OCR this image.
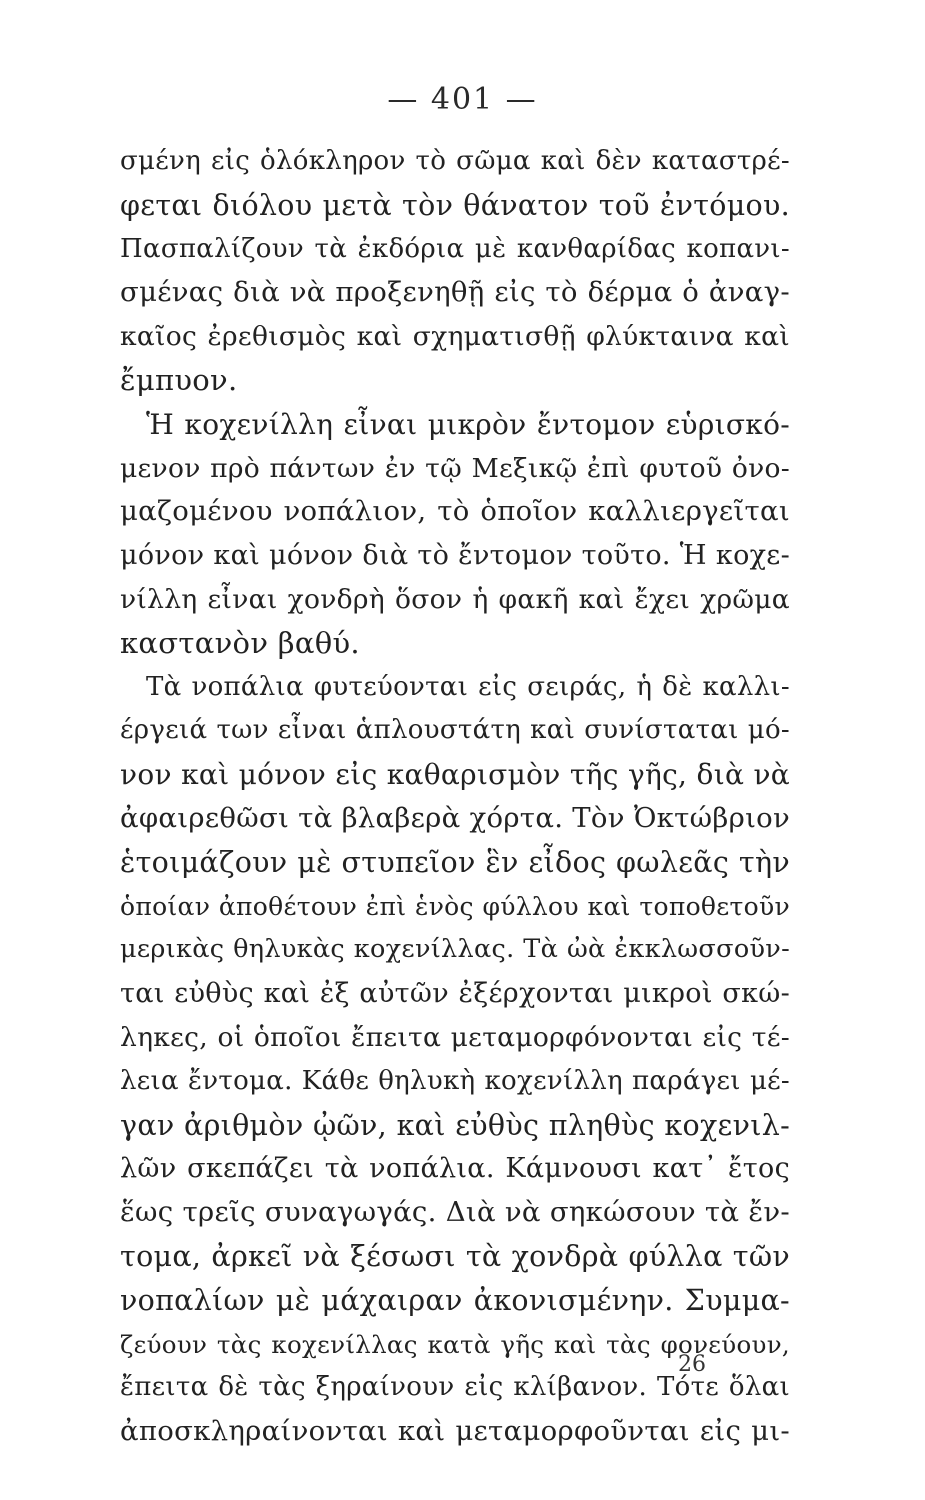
— 401 —
σμένη εἰς ὁλόκληρον τὸ σῶμα καὶ δὲν καταστρέ-
φεται διόλου μετὰ τὸν θάνατον τοῦ ἐντόμου.
Πασπαλίζουν τὰ ἐκδόρια μὲ κανθαρίδας κοπανι-
σμένας διὰ νὰ προξενηθῇ εἰς τὸ δέρμα ὁ ἀναγ-
καῖος ἐρεθισμὸς καὶ σχηματισθῇ φλύκταινα καὶ
ἔμπυον.
Ἡ κοχενίλλη εἶναι μικρὸν ἔντομον εὑρισκό-
μενον πρὸ πάντων ἐν τῷ Μεξικῷ ἐπὶ φυτοῦ ὀνο-
μαζομένου νοπάλιον, τὸ ὁποῖον καλλιεργεῖται
μόνον καὶ μόνον διὰ τὸ ἔντομον τοῦτο. Ἡ κοχε-
νίλλη εἶναι χονδρὴ ὅσον ἡ φακῆ καὶ ἔχει χρῶμα
καστανὸν βαθύ.
Τὰ νοπάλια φυτεύονται εἰς σειράς, ἡ δὲ καλλι-
έργειά των εἶναι ἁπλουστάτη καὶ συνίσταται μό-
νον καὶ μόνον εἰς καθαρισμὸν τῆς γῆς, διὰ νὰ
ἀφαιρεθῶσι τὰ βλαβερὰ χόρτα. Τὸν Ὀκτώβριον
ἑτοιμάζουν μὲ στυπεῖον ἓν εἶδος φωλεᾶς τὴν
ὁποίαν ἀποθέτουν ἐπὶ ἑνὸς φύλλου καὶ τοποθετοῦν
μερικὰς θηλυκὰς κοχενίλλας. Τὰ ὠὰ ἐκκλωσσοῦν-
ται εὐθὺς καὶ ἐξ αὐτῶν ἐξέρχονται μικροὶ σκώ-
ληκες, οἱ ὁποῖοι ἔπειτα μεταμορφόνονται εἰς τέ-
λεια ἔντομα. Κάθε θηλυκὴ κοχενίλλη παράγει μέ-
γαν ἀριθμὸν ᾠῶν, καὶ εὐθὺς πληθὺς κοχενιλ-
λῶν σκεπάζει τὰ νοπάλια. Κάμνουσι κατ᾽ ἔτος
ἕως τρεῖς συναγωγάς. Διὰ νὰ σηκώσουν τὰ ἔν-
τομα, ἀρκεῖ νὰ ξέσωσι τὰ χονδρὰ φύλλα τῶν
νοπαλίων μὲ μάχαιραν ἀκονισμένην. Συμμα-
ζεύουν τὰς κοχενίλλας κατὰ γῆς καὶ τὰς φονεύουν,
ἔπειτα δὲ τὰς ξηραίνουν εἰς κλίβανον. Τότε ὅλαι
ἀποσκληραίνονται καὶ μεταμορφοῦνται εἰς μι-
26
